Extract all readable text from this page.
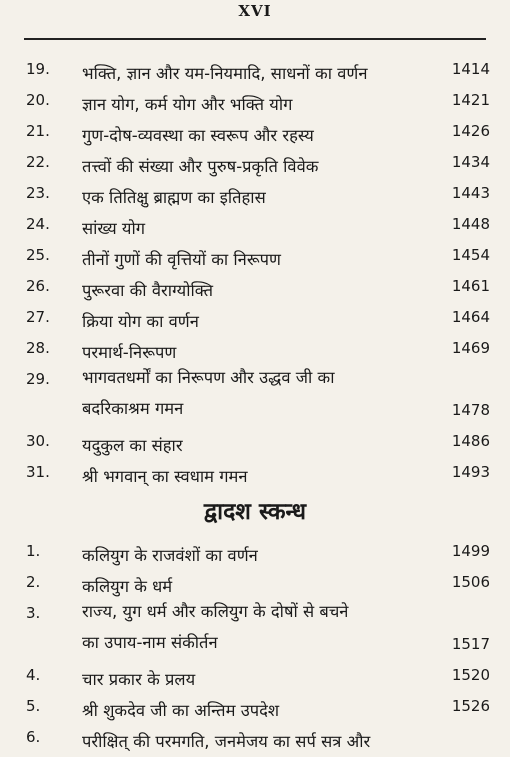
XVI
19. भक्ति, ज्ञान और यम-नियमादि, साधनों का वर्णन	1414
20. ज्ञान योग, कर्म योग और भक्ति योग	1421
21. गुण-दोष-व्यवस्था का स्वरूप और रहस्य	1426
22. तत्त्वों की संख्या और पुरुष-प्रकृति विवेक	1434
23. एक तितिक्षु ब्राह्मण का इतिहास	1443
24. सांख्य योग	1448
25. तीनों गुणों की वृत्तियों का निरूपण	1454
26. पुरूरवा की वैराग्योक्ति	1461
27. क्रिया योग का वर्णन	1464
28. परमार्थ-निरूपण	1469
29. भागवतधर्मों का निरूपण और उद्धव जी का
बदरिकाश्रम गमन	1478
30. यदुकुल का संहार	1486
31. श्री भगवान् का स्वधाम गमन	1493
द्वादश स्कन्ध
1.	कलियुग के राजवंशों का वर्णन	1499
2.	कलियुग के धर्म	1506
3.	राज्य, युग धर्म और कलियुग के दोषों से बचने
का उपाय-नाम संकीर्तन	1517
4.	चार प्रकार के प्रलय	1520
5.	श्री शुकदेव जी का अन्तिम उपदेश	1526
6.	परीक्षित् की परमगति, जनमेजय का सर्प सत्र और
